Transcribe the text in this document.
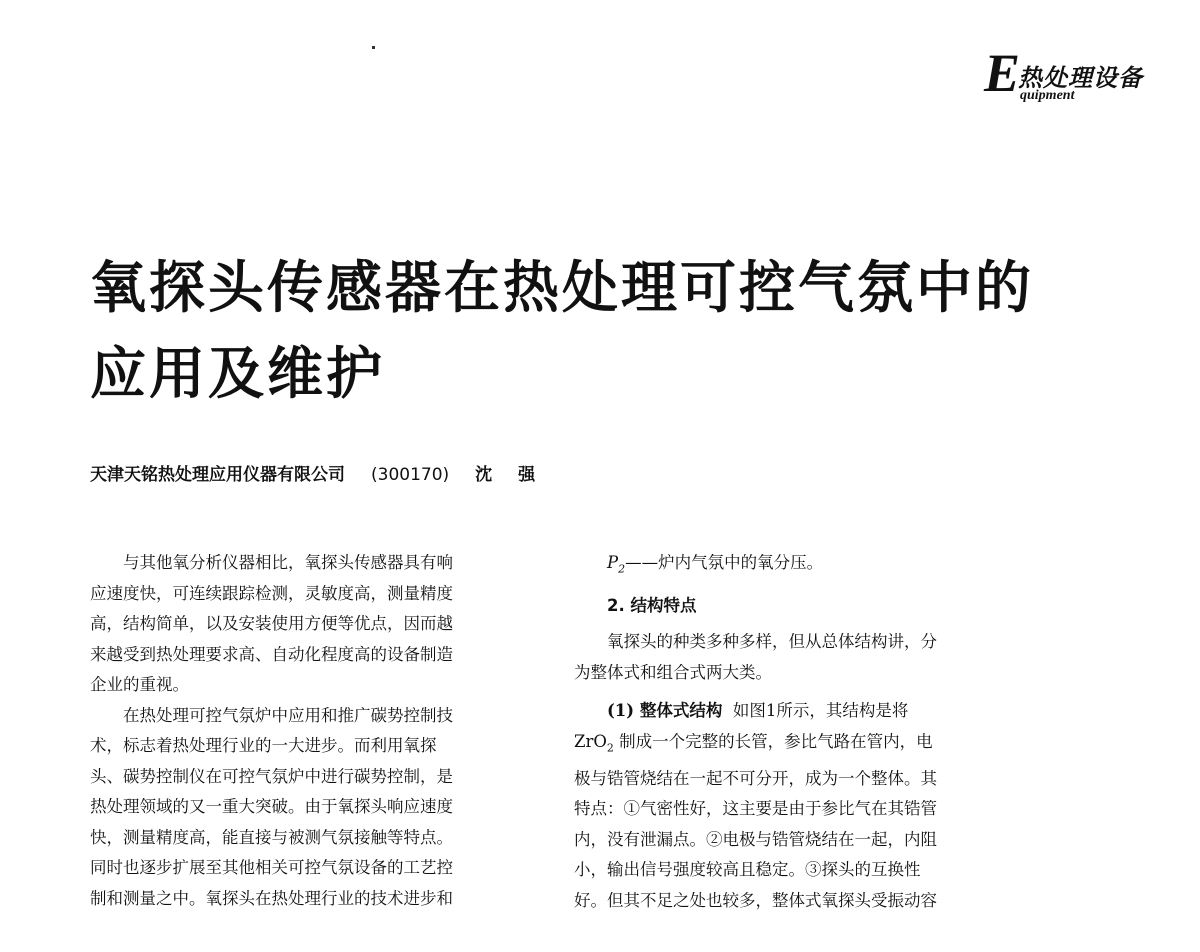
E
热处理设备
quipment
氧探头传感器在热处理可控气氛中的
应用及维护
天津天铭热处理应用仪器有限公司 (300170) 沈 强

与其他氧分析仪器相比，氧探头传感器具有响
应速度快，可连续跟踪检测，灵敏度高，测量精度
高，结构简单，以及安装使用方便等优点，因而越
来越受到热处理要求高、自动化程度高的设备制造
企业的重视。

在热处理可控气氛炉中应用和推广碳势控制技
术，标志着热处理行业的一大进步。而利用氧探
头、碳势控制仪在可控气氛炉中进行碳势控制，是
热处理领域的又一重大突破。由于氧探头响应速度
快，测量精度高，能直接与被测气氛接触等特点。
同时也逐步扩展至其他相关可控气氛设备的工艺控
制和测量之中。氧探头在热处理行业的技术进步和

$P_2——$炉内气氛中的氧分压。

2. 结构特点

氧探头的种类多种多样，但从总体结构讲，分
为整体式和组合式两大类。

(1) 整体式结构 如图1所示，其结构是将
ZrO$_2$ 制成一个完整的长管，参比气路在管内，电
极与锆管烧结在一起不可分开，成为一个整体。其
特点：①气密性好，这主要是由于参比气在其锆管
内，没有泄漏点。②电极与锆管烧结在一起，内阻
小，输出信号强度较高且稳定。③探头的互换性
好。但其不足之处也较多，整体式氧探头受振动容
